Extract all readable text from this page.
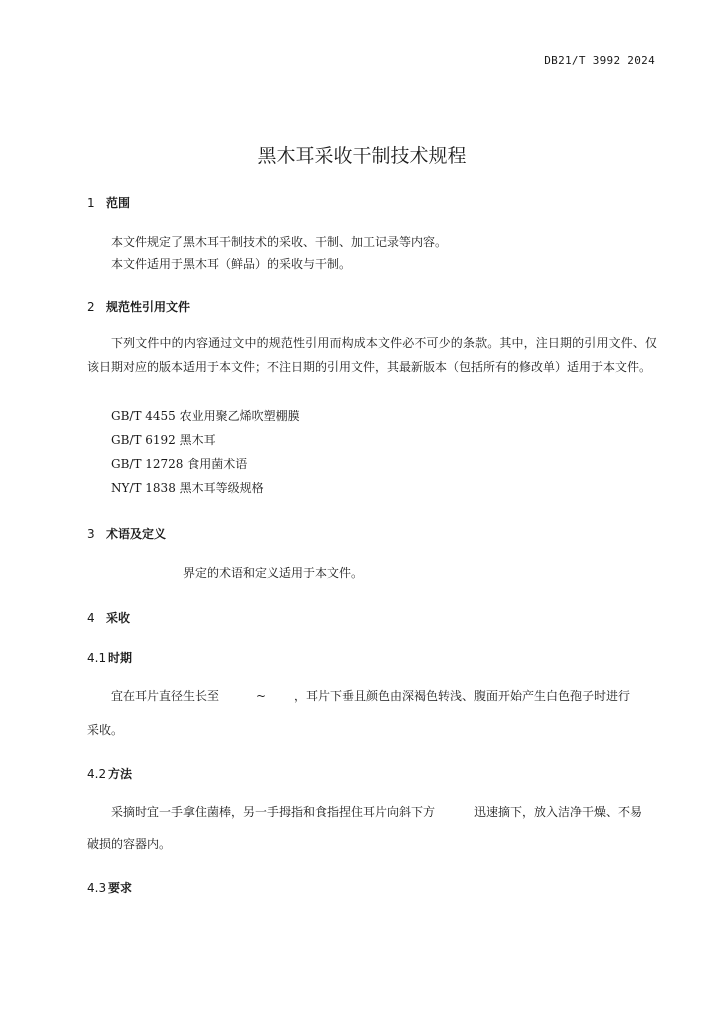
DB21/T 3992 2024
黑木耳采收干制技术规程
1 范围
本文件规定了黑木耳干制技术的采收、干制、加工记录等内容。
本文件适用于黑木耳（鲜品）的采收与干制。
2 规范性引用文件
下列文件中的内容通过文中的规范性引用而构成本文件必不可少的条款。其中，注日期的引用文件、仅该日期对应的版本适用于本文件；不注日期的引用文件，其最新版本（包括所有的修改单）适用于本文件。
GB/T 4455 农业用聚乙烯吹塑棚膜
GB/T 6192 黑木耳
GB/T 12728 食用菌术语
NY/T 1838 黑木耳等级规格
3 术语及定义
界定的术语和定义适用于本文件。
4 采收
4.1 时期
宜在耳片直径生长至	~ ，耳片下垂且颜色由深褐色转浅、腹面开始产生白色孢子时进行
采收。
4.2 方法
采摘时宜一手拿住菌棒，另一手拇指和食指捏住耳片向斜下方	迅速摘下，放入洁净干燥、不易
破损的容器内。
4.3 要求
